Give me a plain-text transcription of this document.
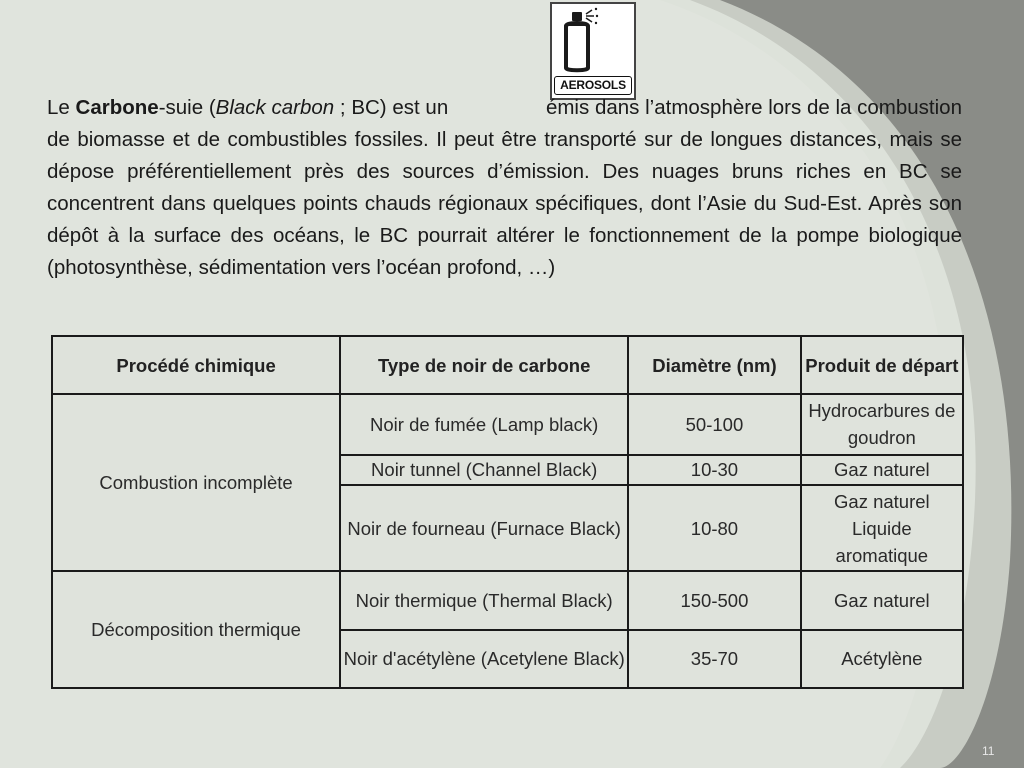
AEROSOLS

Le Carbone-suie (Black carbon ; BC) est un	émis dans l’atmosphère lors de la combustion de biomasse et de combustibles fossiles. Il peut être transporté sur de longues distances, mais se dépose préférentiellement près des sources d’émission. Des nuages bruns riches en BC se concentrent dans quelques points chauds régionaux spécifiques, dont l’Asie du Sud-Est. Après son dépôt à la surface des océans, le BC pourrait altérer le fonctionnement de la pompe biologique (photosynthèse, sédimentation vers l’océan profond, …)

Procédé chimique	Type de noir de carbone	Diamètre (nm)	Produit de départ
Combustion incomplète	Noir de fumée (Lamp black)	50-100	Hydrocarbures de goudron
	Noir tunnel (Channel Black)	10-30	Gaz naturel
	Noir de fourneau (Furnace Black)	10-80	Gaz naturel Liquide aromatique
Décomposition thermique	Noir thermique (Thermal Black)	150-500	Gaz naturel
	Noir d'acétylène (Acetylene Black)	35-70	Acétylène
11
